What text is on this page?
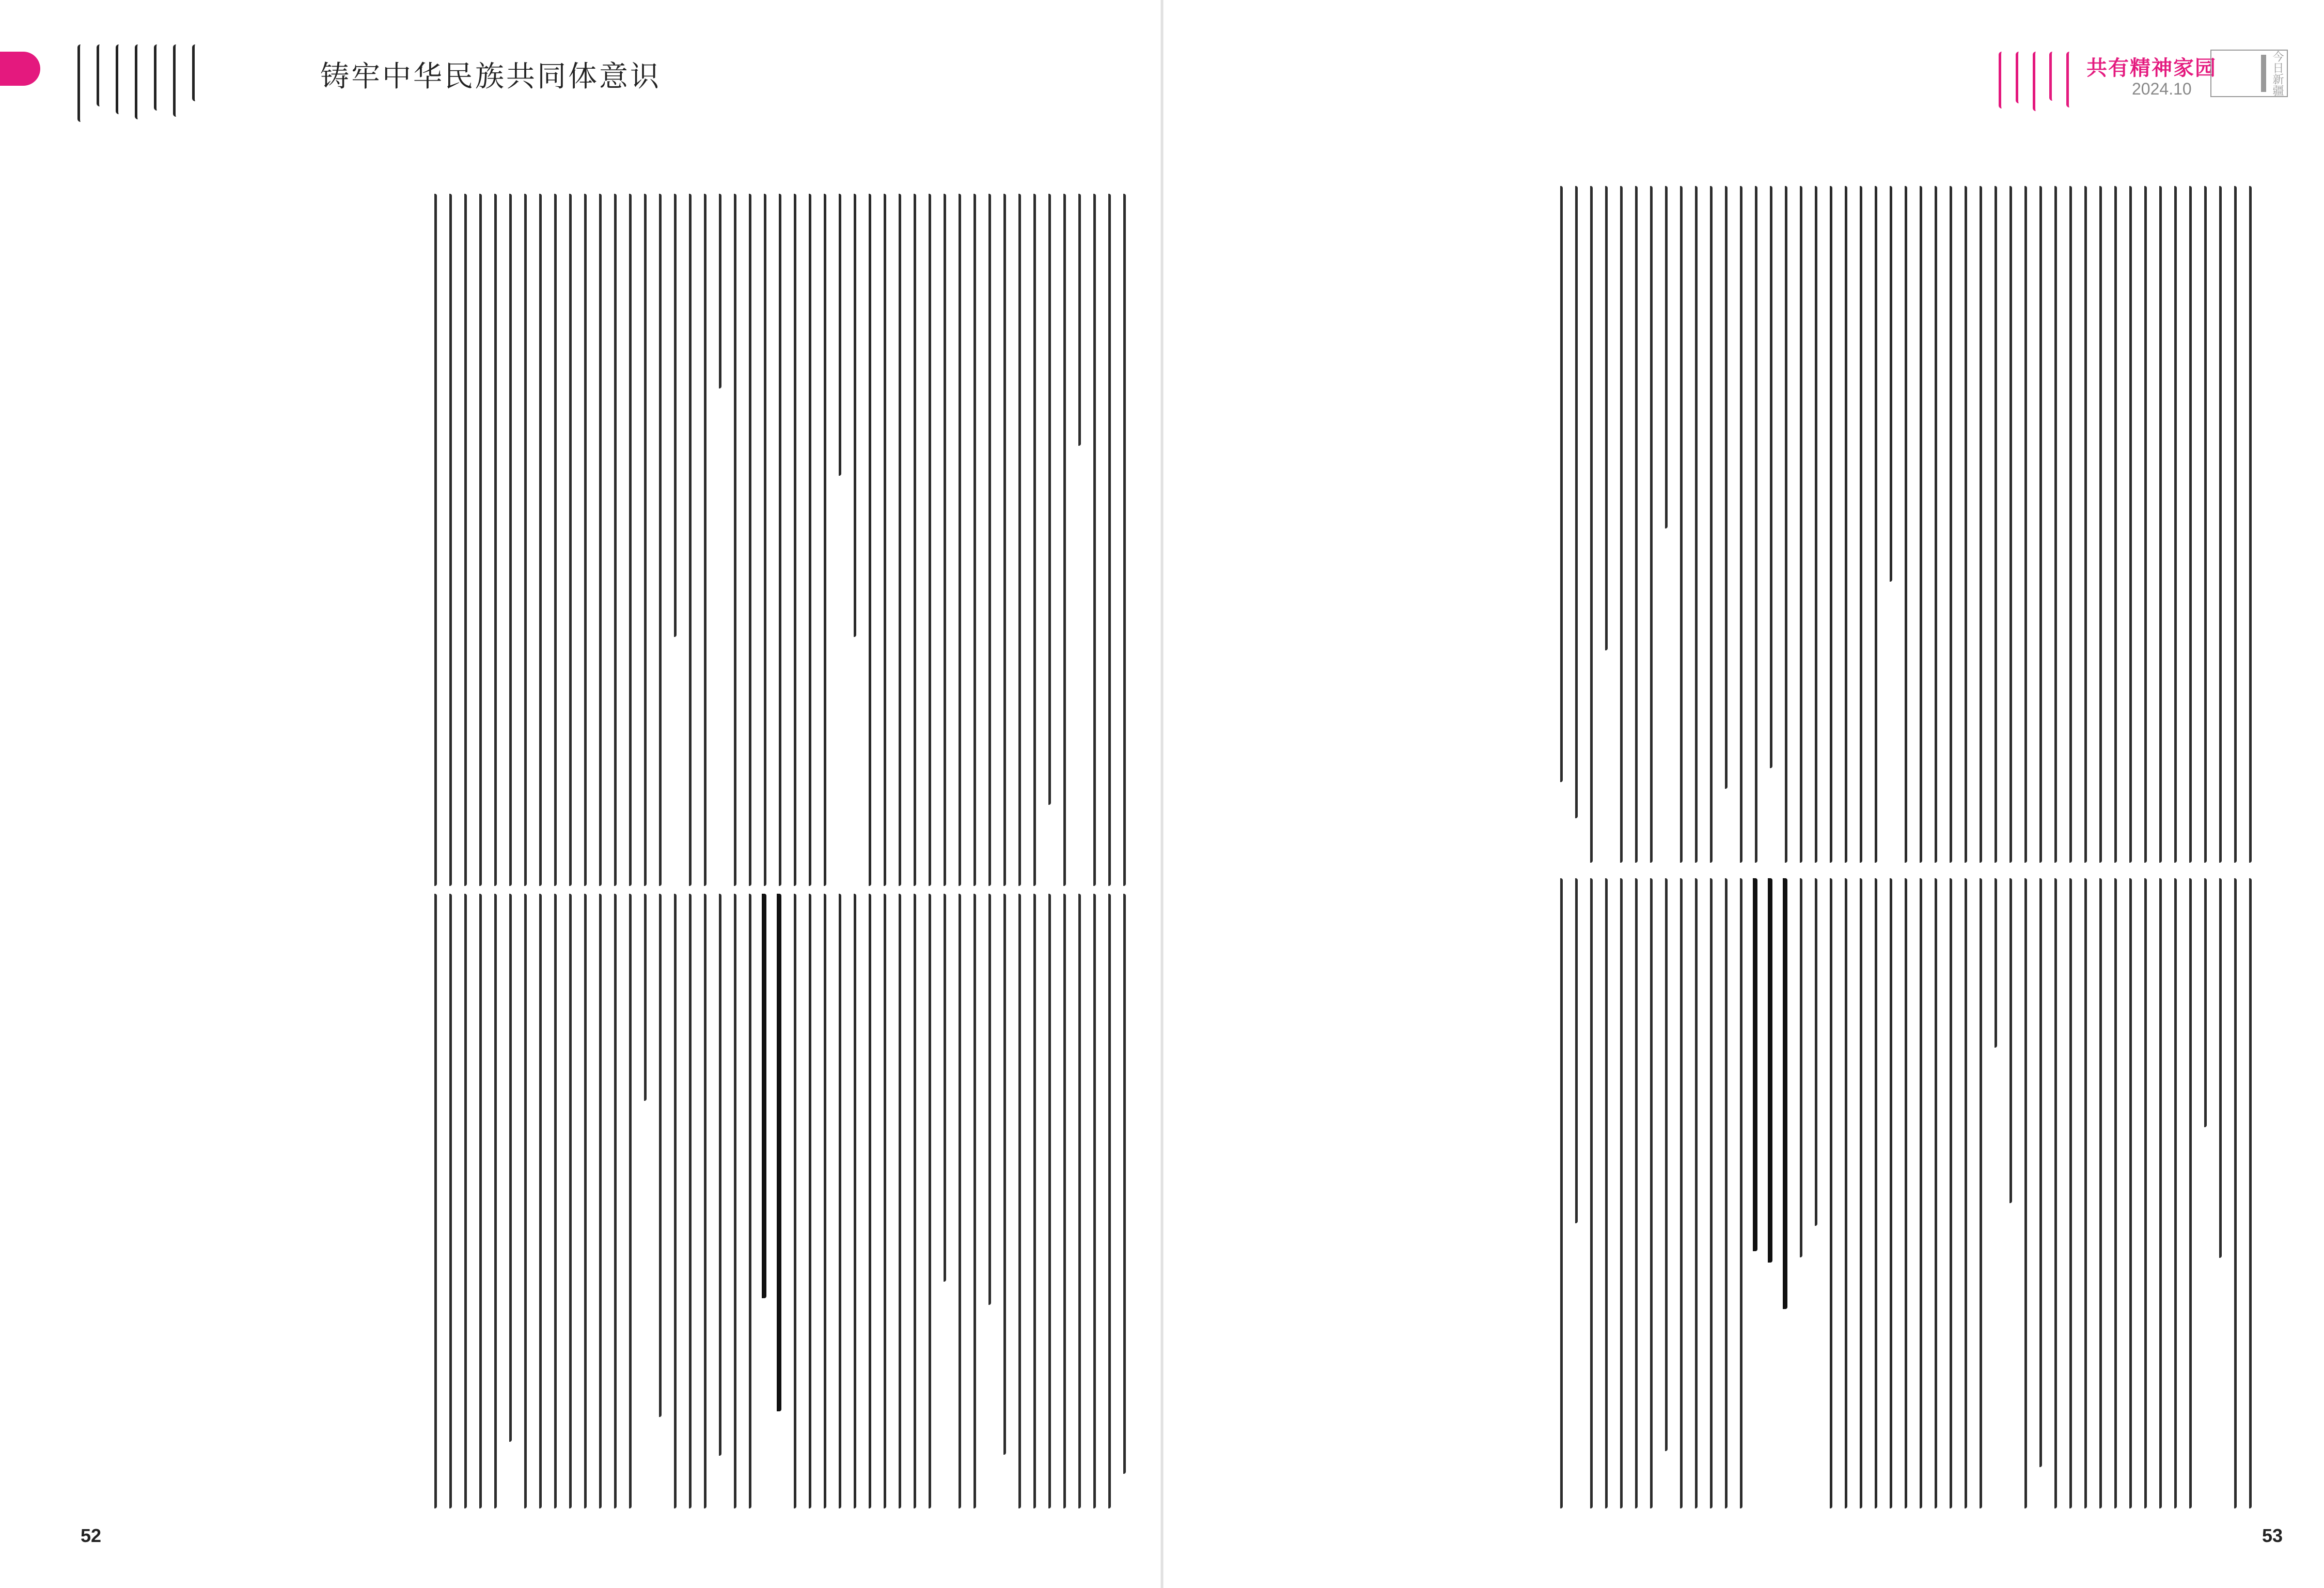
铸牢中华民族共同体意识	共有精神家园
2024.10	今日新疆
52	53
